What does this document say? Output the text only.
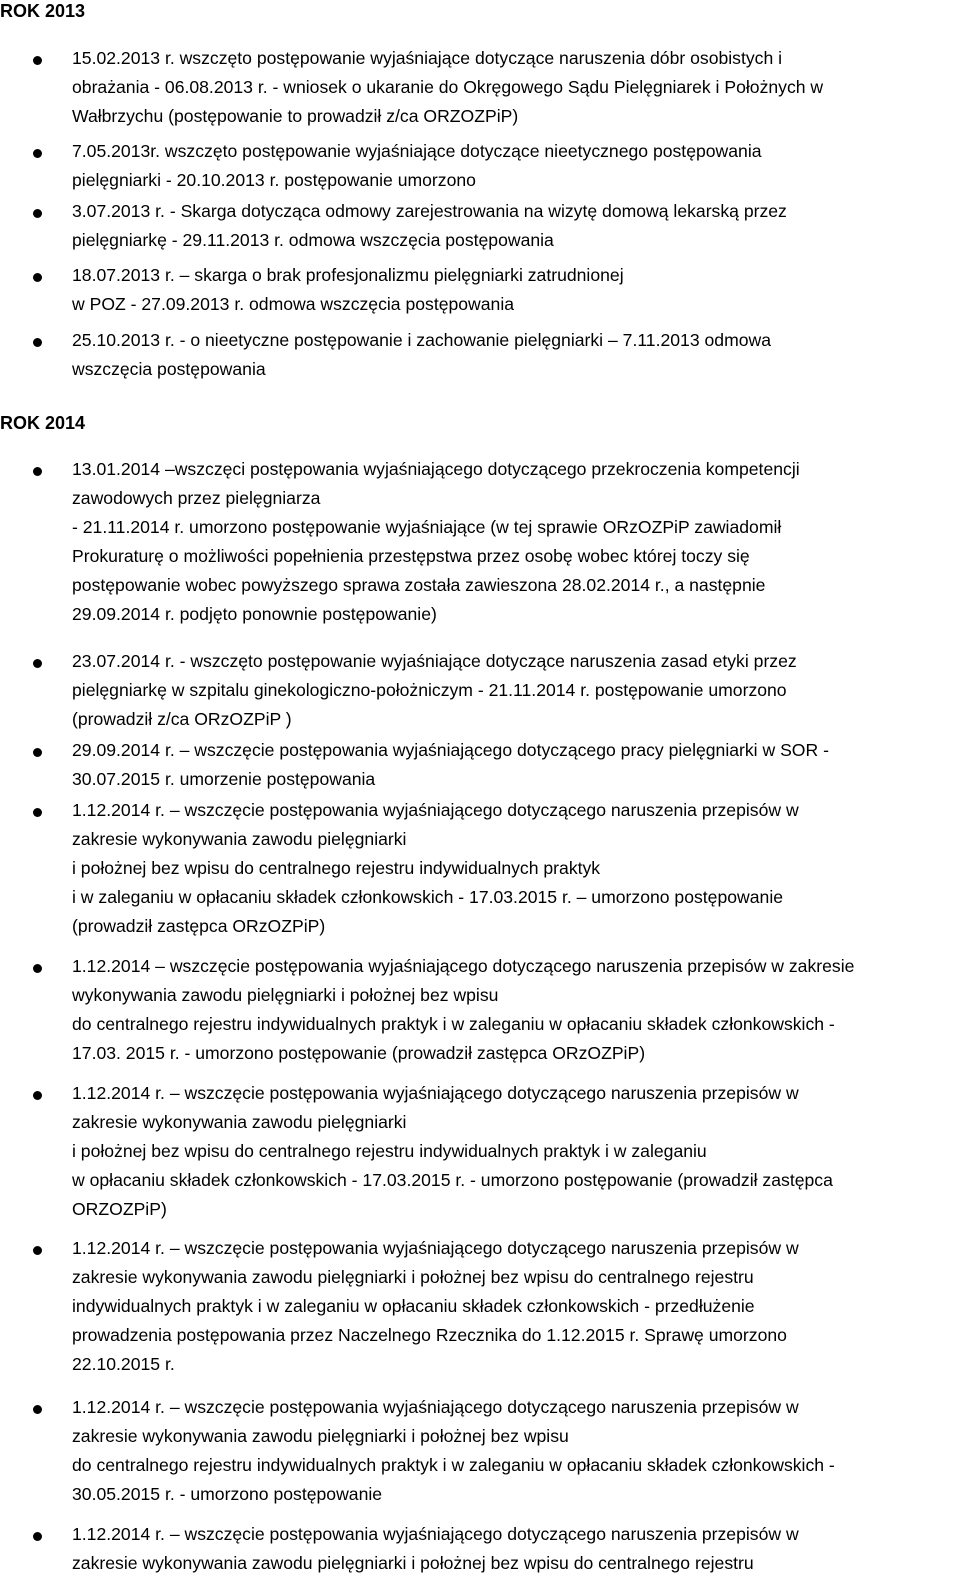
ROK 2013
15.02.2013 r. wszczęto postępowanie wyjaśniające dotyczące naruszenia dóbr osobistych i
obrażania - 06.08.2013 r. - wniosek o ukaranie do Okręgowego Sądu Pielęgniarek i Położnych w
Wałbrzychu (postępowanie to prowadził z/ca ORZOZPiP)
7.05.2013r. wszczęto postępowanie wyjaśniające dotyczące nieetycznego postępowania
pielęgniarki - 20.10.2013 r. postępowanie umorzono
3.07.2013 r. - Skarga dotycząca odmowy zarejestrowania na wizytę domową lekarską przez
pielęgniarkę - 29.11.2013 r. odmowa wszczęcia postępowania
18.07.2013 r. – skarga o brak profesjonalizmu pielęgniarki zatrudnionej
w POZ - 27.09.2013 r. odmowa wszczęcia postępowania
25.10.2013 r. - o nieetyczne postępowanie i zachowanie pielęgniarki – 7.11.2013 odmowa
wszczęcia postępowania
ROK 2014
13.01.2014 –wszczęci postępowania wyjaśniającego dotyczącego przekroczenia kompetencji
zawodowych przez pielęgniarza
- 21.11.2014 r. umorzono postępowanie wyjaśniające (w tej sprawie ORzOZPiP zawiadomił
Prokuraturę o możliwości popełnienia przestępstwa przez osobę wobec której toczy się
postępowanie wobec powyższego sprawa została zawieszona 28.02.2014 r., a następnie
29.09.2014 r. podjęto ponownie postępowanie)
23.07.2014 r. - wszczęto postępowanie wyjaśniające dotyczące naruszenia zasad etyki przez
pielęgniarkę w szpitalu ginekologiczno-położniczym - 21.11.2014 r. postępowanie umorzono
(prowadził z/ca ORzOZPiP )
29.09.2014 r. – wszczęcie postępowania wyjaśniającego dotyczącego pracy pielęgniarki w SOR -
30.07.2015 r. umorzenie postępowania
1.12.2014 r. – wszczęcie postępowania wyjaśniającego dotyczącego naruszenia przepisów w
zakresie wykonywania zawodu pielęgniarki
i położnej bez wpisu do centralnego rejestru indywidualnych praktyk
i w zaleganiu w opłacaniu składek członkowskich - 17.03.2015 r. – umorzono postępowanie
(prowadził zastępca ORzOZPiP)
1.12.2014 – wszczęcie postępowania wyjaśniającego dotyczącego naruszenia przepisów w zakresie
wykonywania zawodu pielęgniarki i położnej bez wpisu
do centralnego rejestru indywidualnych praktyk i w zaleganiu w opłacaniu składek członkowskich -
17.03. 2015 r. - umorzono postępowanie (prowadził zastępca ORzOZPiP)
1.12.2014 r. – wszczęcie postępowania wyjaśniającego dotyczącego naruszenia przepisów w
zakresie wykonywania zawodu pielęgniarki
i położnej bez wpisu do centralnego rejestru indywidualnych praktyk i w zaleganiu
w opłacaniu składek członkowskich - 17.03.2015 r. - umorzono postępowanie (prowadził zastępca
ORZOZPiP)
1.12.2014 r. – wszczęcie postępowania wyjaśniającego dotyczącego naruszenia przepisów w
zakresie wykonywania zawodu pielęgniarki i położnej bez wpisu do centralnego rejestru
indywidualnych praktyk i w zaleganiu w opłacaniu składek członkowskich - przedłużenie
prowadzenia postępowania przez Naczelnego Rzecznika do 1.12.2015 r. Sprawę umorzono
22.10.2015 r.
1.12.2014 r. – wszczęcie postępowania wyjaśniającego dotyczącego naruszenia przepisów w
zakresie wykonywania zawodu pielęgniarki i położnej bez wpisu
do centralnego rejestru indywidualnych praktyk i w zaleganiu w opłacaniu składek członkowskich -
30.05.2015 r. - umorzono postępowanie
1.12.2014 r. – wszczęcie postępowania wyjaśniającego dotyczącego naruszenia przepisów w
zakresie wykonywania zawodu pielęgniarki i położnej bez wpisu do centralnego rejestru
